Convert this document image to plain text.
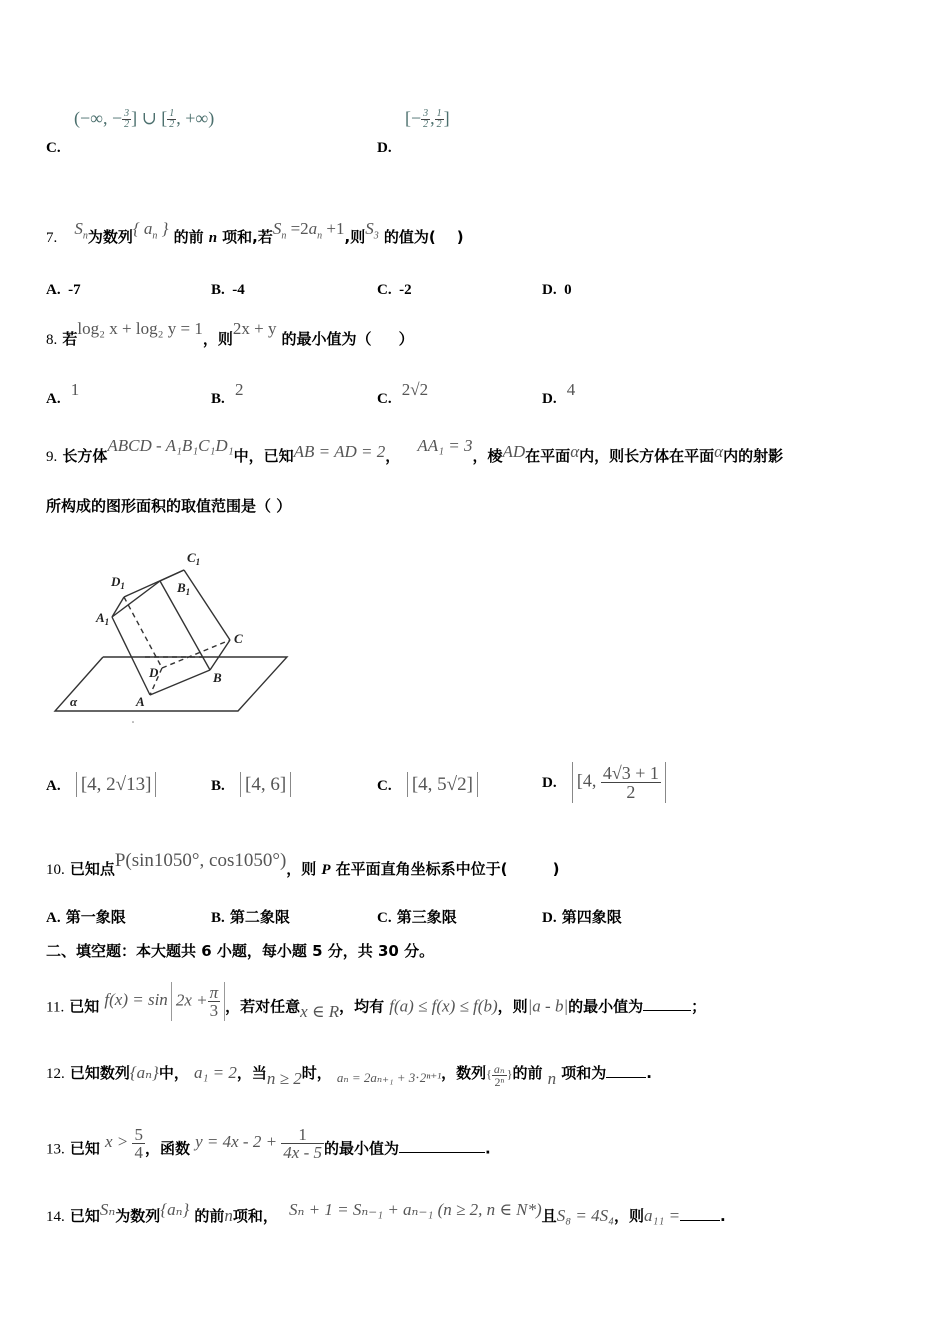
C.
(−∞, − $\frac{3}{2}$ ] ∪ [ $\frac{1}{2}$ , +∞)
D.
[− $\frac{3}{2}$ , $\frac{1}{2}$ ]
7. $S_n$为数列{ $a_n$ } 的前 n 项和,若$S_n =2a_n +1$,则$S_3$ 的值为( )
A. -7	B. -4	C. -2	D. 0
8. 若log₂ x + log₂ y = 1，则2x + y 的最小值为（ ）
A. 1	B. 2	C. 2√2	D. 4
9. 长方体ABCD - A₁B₁C₁D₁中，已知AB = AD = 2， AA₁ = 3，棱AD在平面α内，则长方体在平面α内的射影
所构成的图形面积的取值范围是（ ）
$C_1$
$D_1$	$B_1$
$A_1$
C
D	B
A
α
A. [4, 2√13]	B. [4, 6]	C. [4, 5√2]	D. [4, $\frac{4√3 + 1}{2}$
10. 已知点P(sin1050°, cos1050°)，则 P 在平面直角坐标系中位于(	)
A. 第一象限	B. 第二象限	C. 第三象限	D. 第四象限
二、填空题：本大题共 6 小题，每小题 5 分，共 30 分。
11. 已知 $f(x) = \sin 2x + \frac{\pi}{3}$ ，若对任意x ∈ R，均有 f(a) ≤ f(x) ≤ f(b)，则|a - b|的最小值为	；
12. 已知数列{aₙ}中， a₁ = 2，当n ≥ 2时， $_{a_n = 2a_{n+1} + 3\cdot 2^{n+1}}$，数列{ $\frac{\text{aₙ}}{\text{2ⁿ}}$ }的前 n 项和为	.
13. 已知 $x > \frac{5}{4}$ ，函数 $y = 4x - 2 + \frac{1}{4x - 5}$ 的最小值为	.
14. 已知Sₙ为数列{aₙ} 的前n项和， Sₙ + 1 = Sₙ₋₁ + aₙ₋₁ (n ≥ 2, n ∈ N*)且S₈ = 4S₄，则a₁₁ =	.
